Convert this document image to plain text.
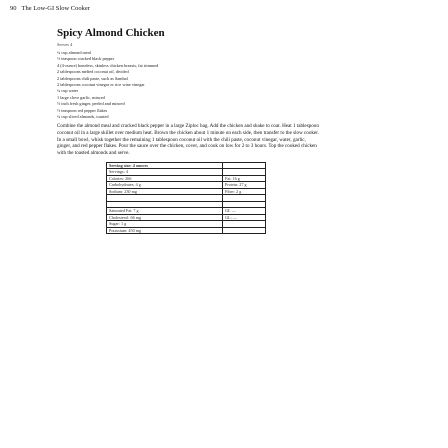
90 The Low-GI Slow Cooker
Spicy Almond Chicken
Serves 4
¼ cup almond meal
½ teaspoon cracked black pepper
4 (4-ounce) boneless, skinless chicken breasts, fat trimmed
2 tablespoons melted coconut oil, divided
2 tablespoons chili paste, such as Sambal
2 tablespoons coconut vinegar or rice wine vinegar
¼ cup water
1 large clove garlic, minced
½ inch fresh ginger, peeled and minced
½ teaspoon red pepper flakes
¼ cup sliced almonds, toasted

Combine the almond meal and cracked black pepper in a large Ziploc bag. Add the chicken and shake to coat. Heat 1 tablespoon coconut oil in a large skillet over medium heat. Brown the chicken about 1 minute on each side, then transfer to the slow cooker. In a small bowl, whisk together the remaining 1 tablespoon coconut oil with the chili paste, coconut vinegar, water, garlic, ginger, and red pepper flakes. Pour the sauce over the chicken, cover, and cook on low for 2 to 3 hours. Top the cooked chicken with the toasted almonds and serve.

Serving size: 4 ounces	
Servings: 4	
Calories: 266	Fat: 16 g
Carbohydrates: 4 g	Protein: 27 g
Sodium: 230 mg	Fiber: 2 g

Saturated Fat: 7 g	GI: —
Cholesterol: 66 mg	GL: —
Sugar: 1 g	
Potassium: 450 mg	
